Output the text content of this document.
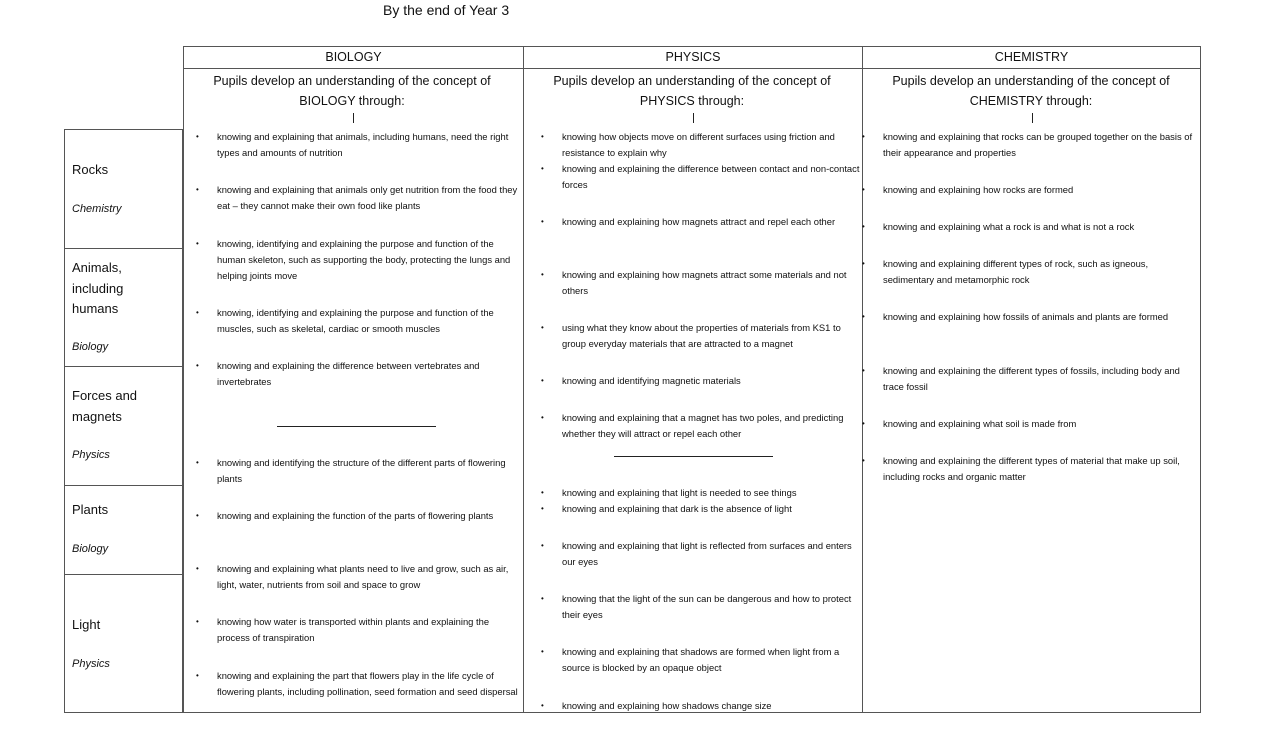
By the end of Year 3
Rocks
Chemistry
Animals, including humans
Biology
Forces and magnets
Physics
Plants
Biology
Light
Physics
BIOLOGY
Pupils develop an understanding of the concept of BIOLOGY through:
• knowing and explaining that animals, including humans, need the right types and amounts of nutrition
• knowing and explaining that animals only get nutrition from the food they eat – they cannot make their own food like plants
• knowing, identifying and explaining the purpose and function of the human skeleton, such as supporting the body, protecting the lungs and helping joints move
• knowing, identifying and explaining the purpose and function of the muscles, such as skeletal, cardiac or smooth muscles
• knowing and explaining the difference between vertebrates and invertebrates
• knowing and identifying the structure of the different parts of flowering plants
• knowing and explaining the function of the parts of flowering plants
• knowing and explaining what plants need to live and grow, such as air, light, water, nutrients from soil and space to grow
• knowing how water is transported within plants and explaining the process of transpiration
• knowing and explaining the part that flowers play in the life cycle of flowering plants, including pollination, seed formation and seed dispersal
PHYSICS
Pupils develop an understanding of the concept of PHYSICS through:
• knowing how objects move on different surfaces using friction and resistance to explain why
• knowing and explaining the difference between contact and non-contact forces
• knowing and explaining how magnets attract and repel each other
• knowing and explaining how magnets attract some materials and not others
• using what they know about the properties of materials from KS1 to group everyday materials that are attracted to a magnet
• knowing and identifying magnetic materials
• knowing and explaining that a magnet has two poles, and predicting whether they will attract or repel each other
• knowing and explaining that light is needed to see things
• knowing and explaining that dark is the absence of light
• knowing and explaining that light is reflected from surfaces and enters our eyes
• knowing that the light of the sun can be dangerous and how to protect their eyes
• knowing and explaining that shadows are formed when light from a source is blocked by an opaque object
• knowing and explaining how shadows change size
CHEMISTRY
Pupils develop an understanding of the concept of CHEMISTRY through:
• knowing and explaining that rocks can be grouped together on the basis of their appearance and properties
• knowing and explaining how rocks are formed
• knowing and explaining what a rock is and what is not a rock
• knowing and explaining different types of rock, such as igneous, sedimentary and metamorphic rock
• knowing and explaining how fossils of animals and plants are formed
• knowing and explaining the different types of fossils, including body and trace fossil
• knowing and explaining what soil is made from
• knowing and explaining the different types of material that make up soil, including rocks and organic matter
